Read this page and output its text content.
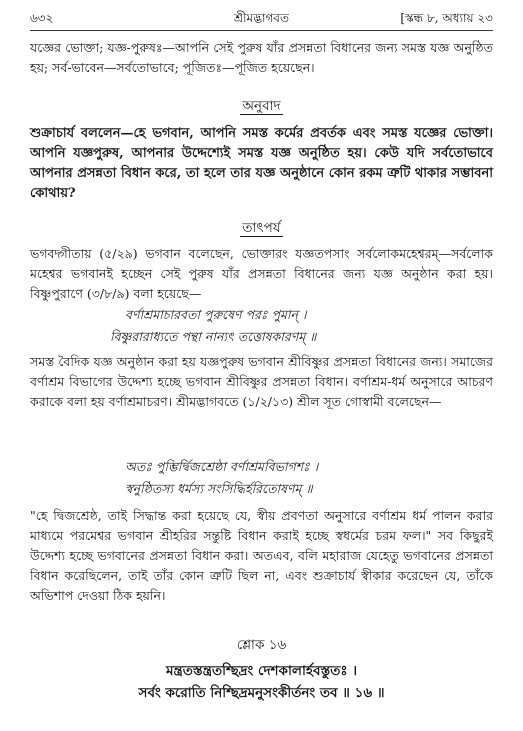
৬৩২	শ্রীমদ্ভাগবত	[স্কন্ধ ৮, অধ্যায় ২৩

যজ্ঞের ভোক্তা; যজ্ঞ-পুরুষঃ—আপনি সেই পুরুষ যাঁর প্রসন্নতা বিধানের জন্য সমস্ত যজ্ঞ অনুষ্ঠিত হয়; সর্ব-ভাবেন—সর্বতোভাবে; পূজিতঃ—পূজিত হয়েছেন।

অনুবাদ

শুক্রাচার্য বললেন—হে ভগবান, আপনি সমস্ত কর্মের প্রবর্তক এবং সমস্ত যজ্ঞের ভোক্তা। আপনি যজ্ঞপুরুষ, আপনার উদ্দেশ্যেই সমস্ত যজ্ঞ অনুষ্ঠিত হয়। কেউ যদি সর্বতোভাবে আপনার প্রসন্নতা বিধান করে, তা হলে তার যজ্ঞ অনুষ্ঠানে কোন রকম ত্রুটি থাকার সম্ভাবনা কোথায়?

তাৎপর্য

ভগবদ্গীতায় (৫/২৯) ভগবান বলেছেন, ভোক্তারং যজ্ঞতপসাং সর্বলোকমহেশ্বরম্—সর্বলোক মহেশ্বর ভগবানই হচ্ছেন সেই পুরুষ যাঁর প্রসন্নতা বিধানের জন্য যজ্ঞ অনুষ্ঠান করা হয়। বিষ্ণুপুরাণে (৩/৮/৯) বলা হয়েছে—

বর্ণাশ্রমাচারবতা পুরুষেণ পরঃ পুমান্ ।

বিষ্ণুরারাধ্যতে পন্থা নান্যৎ তত্তোষকারণম্ ॥

সমস্ত বৈদিক যজ্ঞ অনুষ্ঠান করা হয় যজ্ঞপুরুষ ভগবান শ্রীবিষ্ণুর প্রসন্নতা বিধানের জন্য। সমাজের বর্ণাশ্রম বিভাগের উদ্দেশ্য হচ্ছে ভগবান শ্রীবিষ্ণুর প্রসন্নতা বিধান। বর্ণাশ্রম-ধর্ম অনুসারে আচরণ করাকে বলা হয় বর্ণাশ্রমাচরণ। শ্রীমদ্ভাগবতে (১/২/১৩) শ্রীল সূত গোস্বামী বলেছেন—

অতঃ পুম্ভির্দ্বিজশ্রেষ্ঠা বর্ণাশ্রমবিভাগশঃ ।

স্বনুষ্ঠিতস্য ধর্মস্য সংসিদ্ধির্হরিতোষণম্ ॥

"হে দ্বিজশ্রেষ্ঠ, তাই সিদ্ধান্ত করা হয়েছে যে, স্বীয় প্রবণতা অনুসারে বর্ণাশ্রম ধর্ম পালন করার মাধ্যমে পরমেশ্বর ভগবান শ্রীহরির সন্তুষ্টি বিধান করাই হচ্ছে স্বধর্মের চরম ফল।" সব কিছুরই উদ্দেশ্য হচ্ছে ভগবানের প্রসন্নতা বিধান করা। অতএব, বলি মহারাজ যেহেতু ভগবানের প্রসন্নতা বিধান করেছিলেন, তাই তাঁর কোন ত্রুটি ছিল না, এবং শুক্রাচার্য স্বীকার করেছেন যে, তাঁকে অভিশাপ দেওয়া ঠিক হয়নি।

শ্লোক ১৬

মন্ত্রতস্তন্ত্রতশ্ছিদ্রং দেশকালার্হবস্তুতঃ ।

সর্বং করোতি নিশ্ছিদ্রমনুসংকীর্তনং তব ॥ ১৬ ॥
